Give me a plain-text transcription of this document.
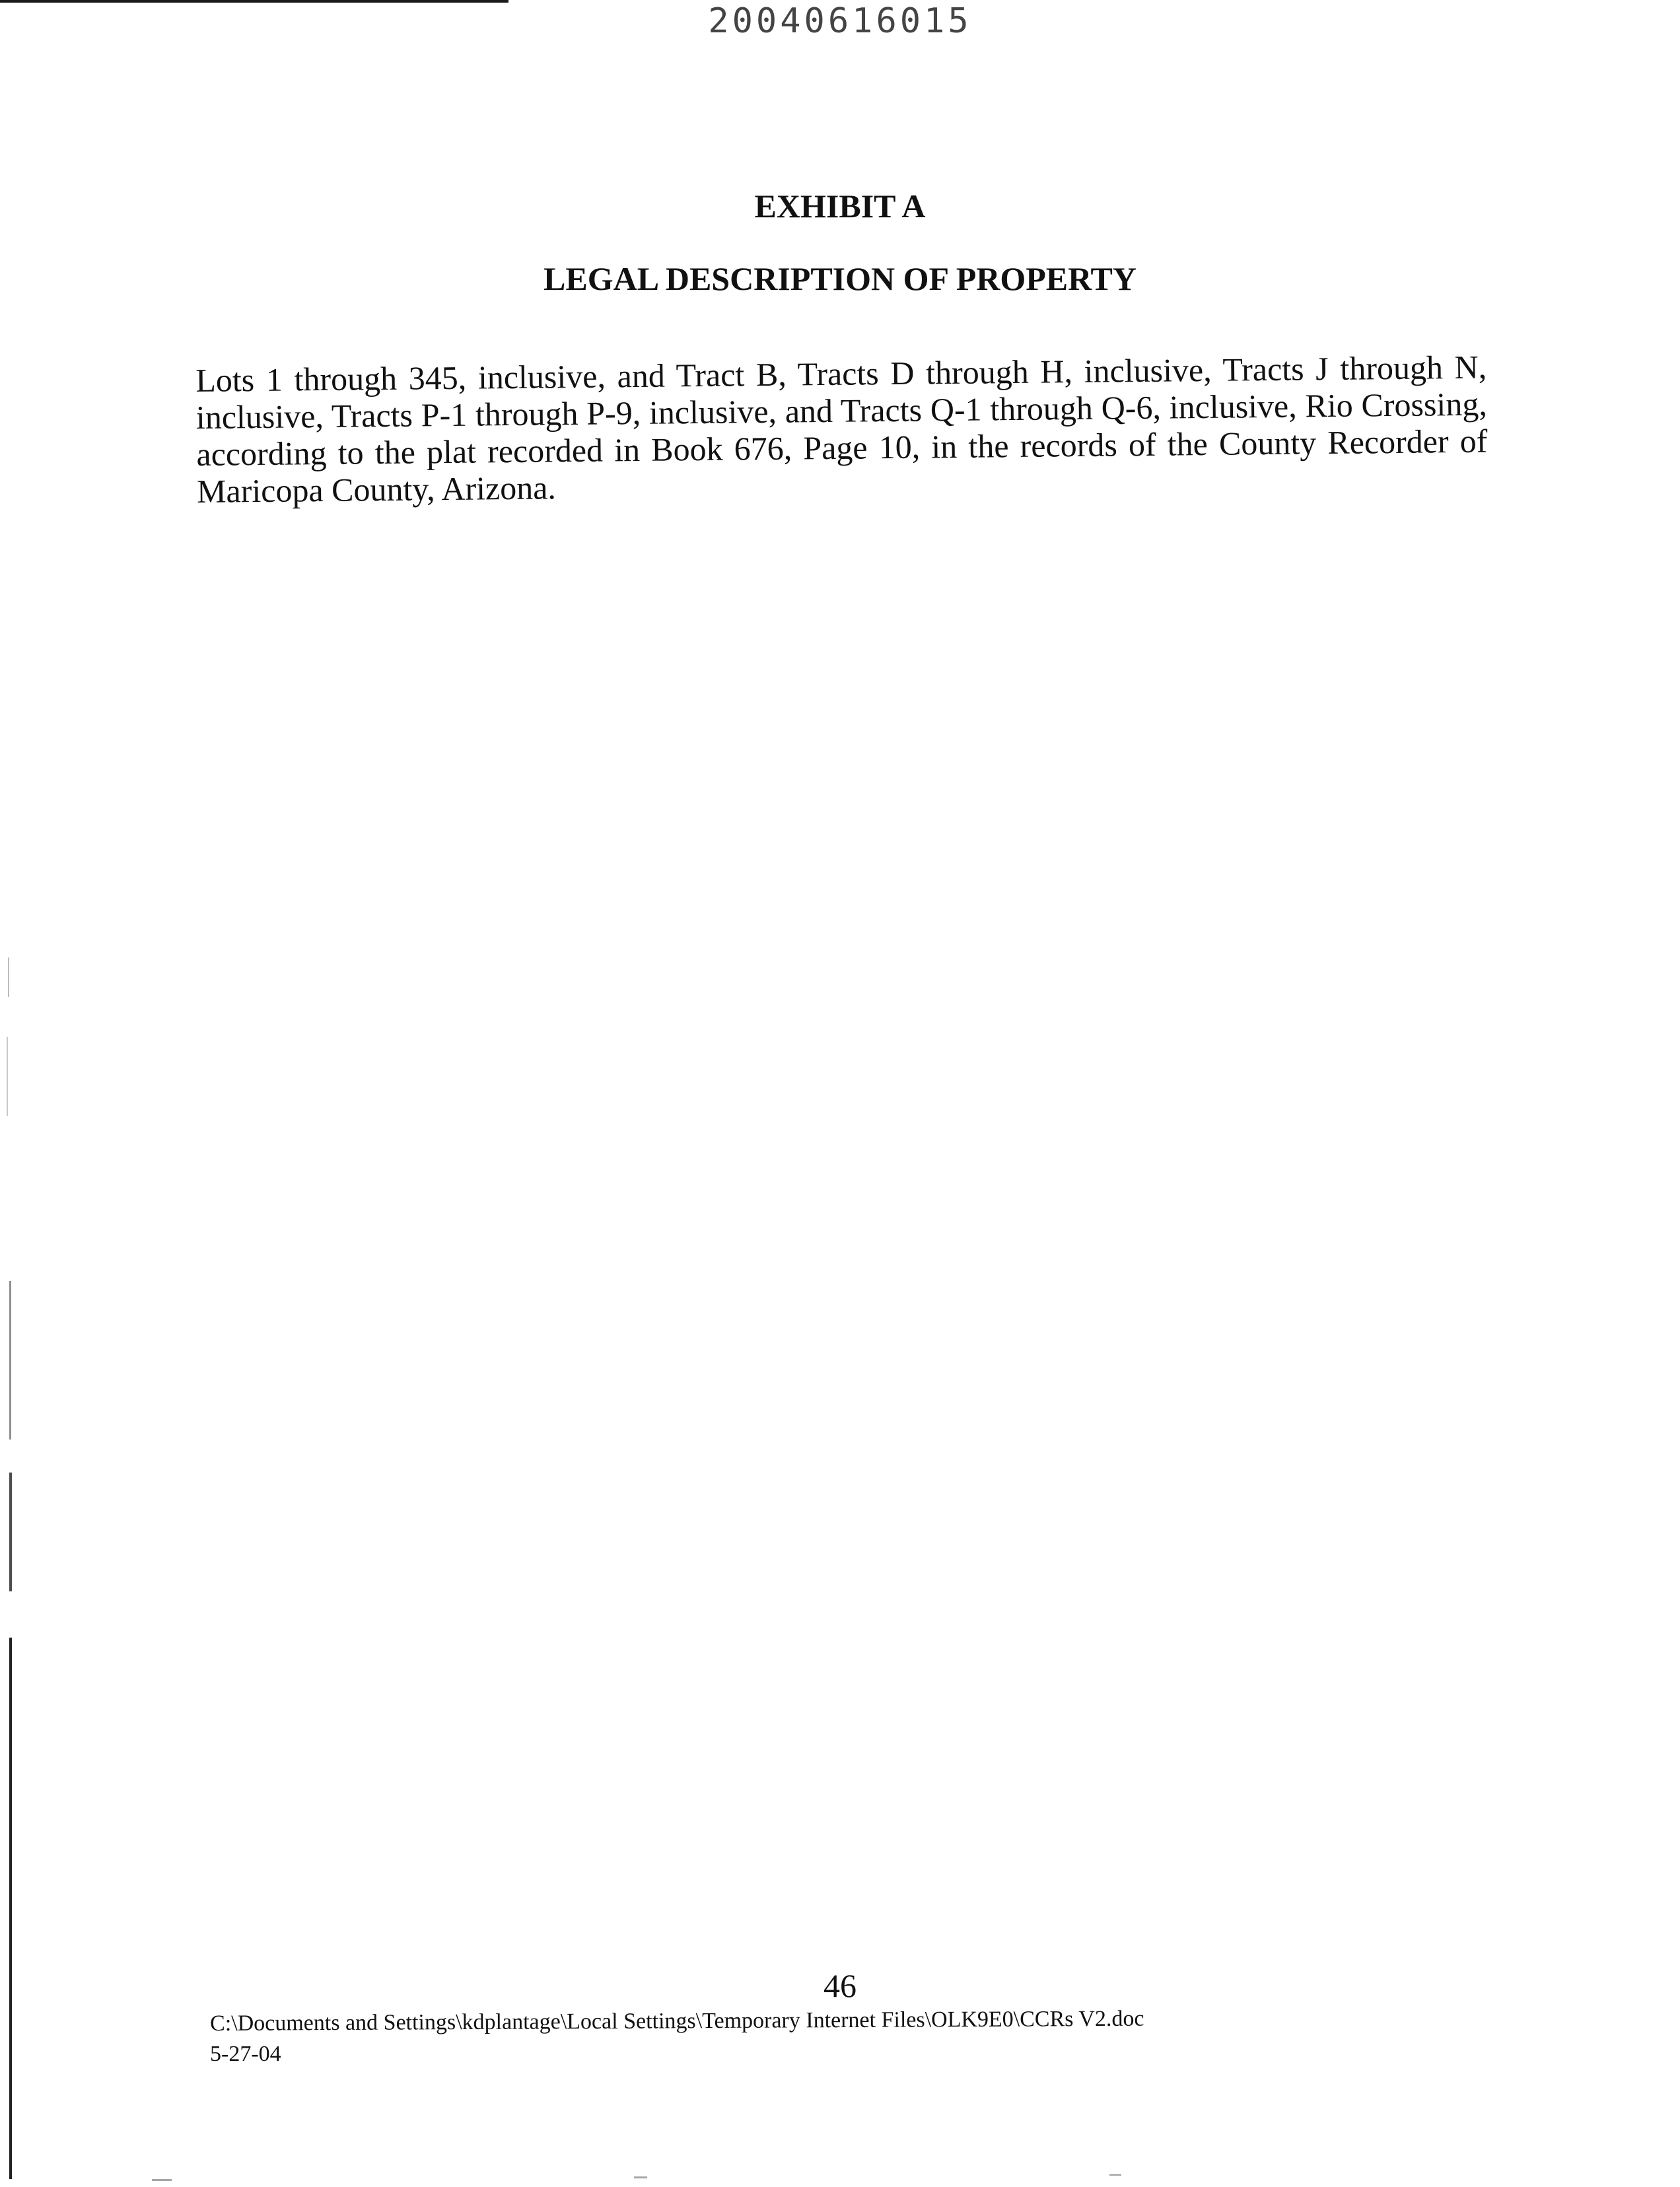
20040616015
EXHIBIT A
LEGAL DESCRIPTION OF PROPERTY
Lots 1 through 345, inclusive, and Tract B, Tracts D through H, inclusive, Tracts J through N, inclusive, Tracts P-1 through P-9, inclusive, and Tracts Q-1 through Q-6, inclusive, Rio Crossing, according to the plat recorded in Book 676, Page 10, in the records of the County Recorder of Maricopa County, Arizona.
46
C:\Documents and Settings\kdplantage\Local Settings\Temporary Internet Files\OLK9E0\CCRs V2.doc
5-27-04
